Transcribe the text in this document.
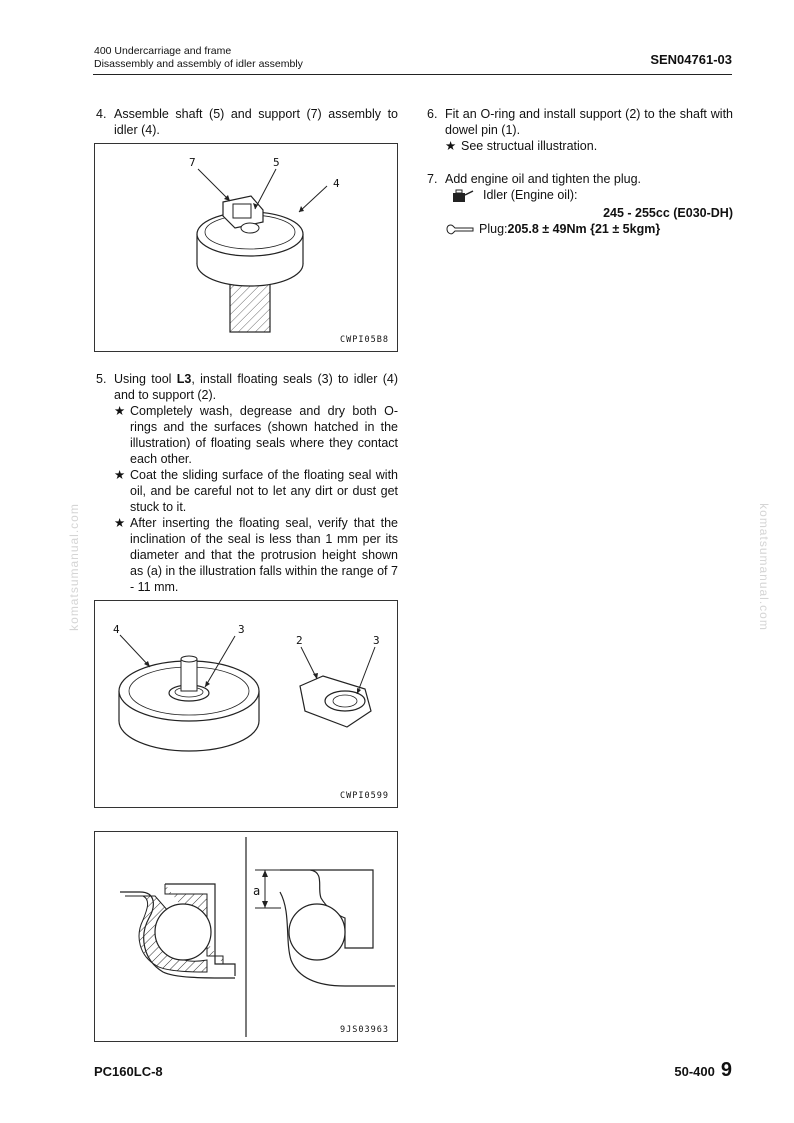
400 Undercarriage and frame
Disassembly and assembly of idler assembly	SEN04761-03
4. Assemble shaft (5) and support (7) assembly to idler (4).
7	5
4
CWPI05B8
5. Using tool L3, install floating seals (3) to idler (4) and to support (2).
★ Completely wash, degrease and dry both O-rings and the surfaces (shown hatched in the illustration) of floating seals where they contact each other.
★ Coat the sliding surface of the floating seal with oil, and be careful not to let any dirt or dust get stuck to it.
★ After inserting the floating seal, verify that the inclination of the seal is less than 1 mm per its diameter and that the protrusion height shown as (a) in the illustration falls within the range of 7 - 11 mm.
4	3
2	3
CWPI0599
a
9JS03963
6. Fit an O-ring and install support (2) to the shaft with dowel pin (1).
★ See structual illustration.
7. Add engine oil and tighten the plug.
Idler (Engine oil):
245 - 255cc (E030-DH)
Plug: 205.8 ± 49Nm {21 ± 5kgm}
komatsumanual.com	komatsumanual.com
PC160LC-8	50-400 9
